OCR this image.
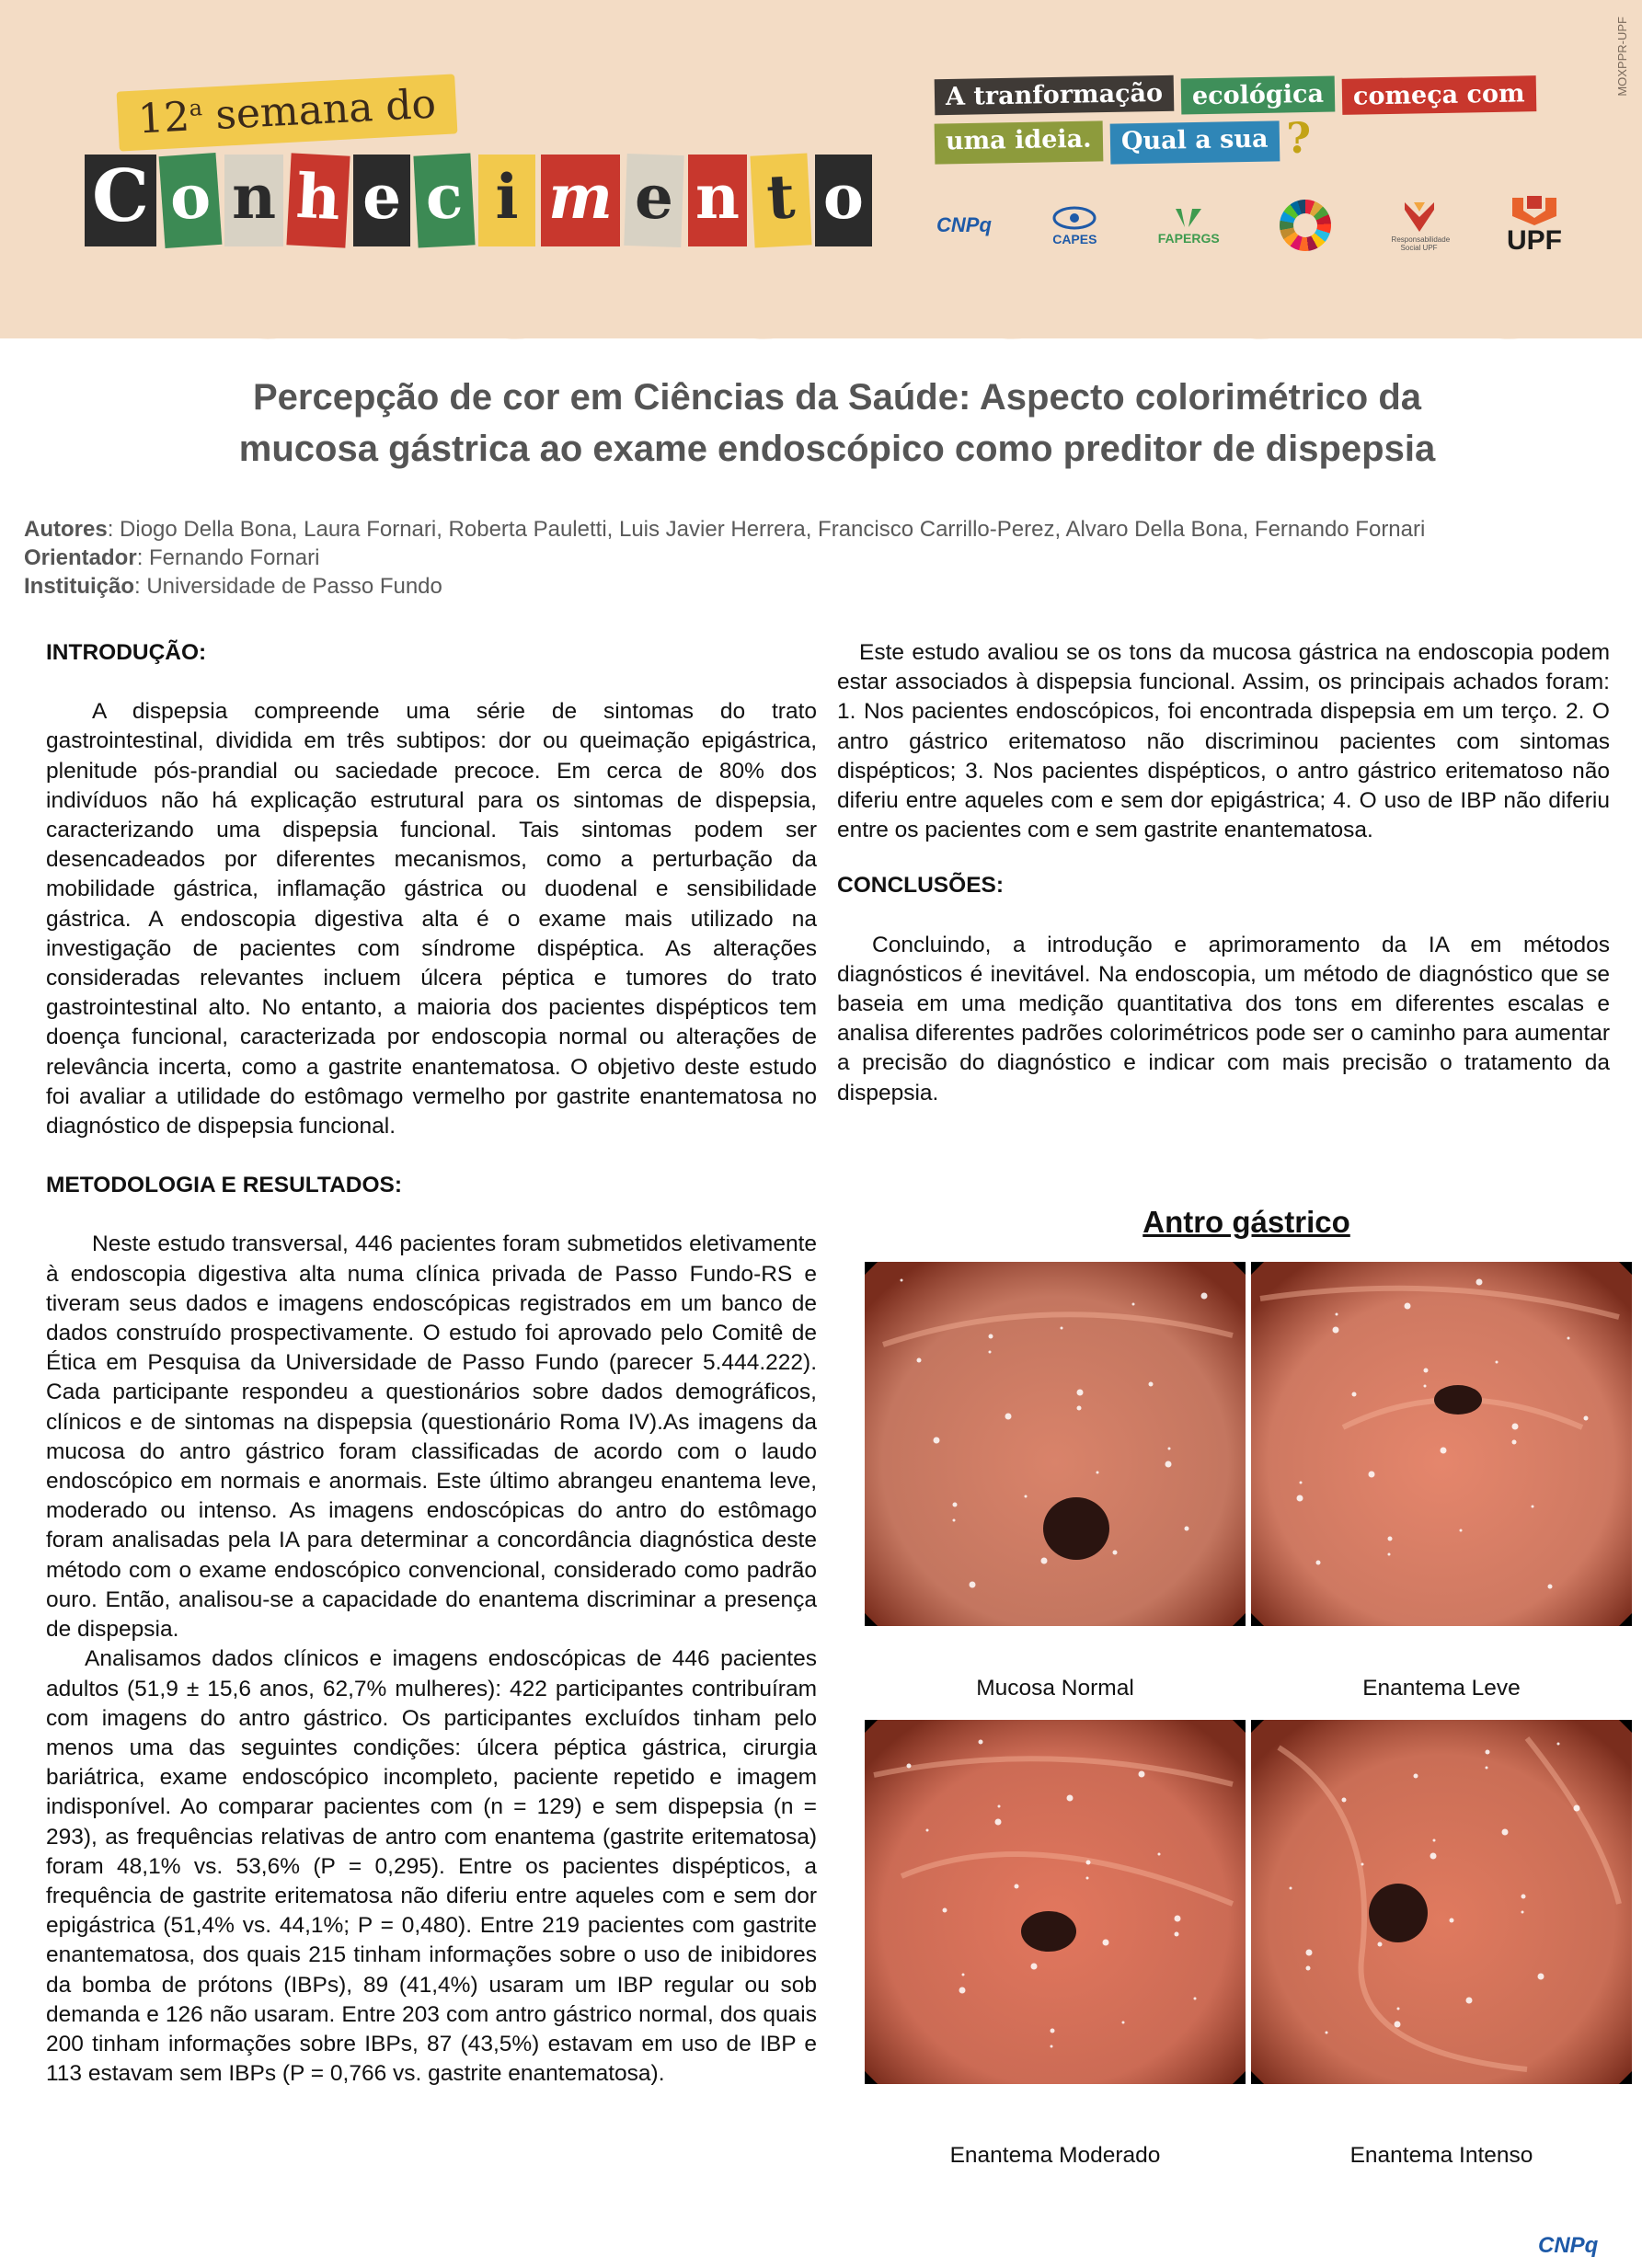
MOXPPR-UPF
12$^a$ semana do
C o n h e c i m e n t o
A tranformação	ecológica	começa com
uma ideia.	Qual a sua ?
CNPq
CAPES	FAPERGS	Responsabilidade Social UPF	UPF
Percepção de cor em Ciências da Saúde: Aspecto colorimétrico da
mucosa gástrica ao exame endoscópico como preditor de dispepsia
Autores: Diogo Della Bona, Laura Fornari, Roberta Pauletti, Luis Javier Herrera, Francisco Carrillo-Perez, Alvaro Della Bona, Fernando Fornari
Orientador: Fernando Fornari
Instituição: Universidade de Passo Fundo
INTRODUÇÃO:
A dispepsia compreende uma série de sintomas do trato gastrointestinal, divididа em três subtipos: dor ou queimação epigástrica, plenitude pós-prandial ou saciedade precoce. Em cerca de 80% dos indivíduos não há explicação estrutural para os sintomas de dispepsia, caracterizando uma dispepsia funcional. Tais sintomas podem ser desencadeados por diferentes mecanismos, como a perturbação da mobilidade gástrica, inflamação gástrica ou duodenal e sensibilidade gástrica. A endoscopia digestiva alta é o exame mais utilizado na investigação de pacientes com síndrome dispéptica. As alterações consideradas relevantes incluem úlcera péptica e tumores do trato gastrointestinal alto. No entanto, a maioria dos pacientes dispépticos tem doença funcional, caracterizada por endoscopia normal ou alterações de relevância incerta, como a gastrite enantematosa. O objetivo deste estudo foi avaliar a utilidade do estômago vermelho por gastrite enantematosa no diagnóstico de dispepsia funcional.
METODOLOGIA E RESULTADOS:
Neste estudo transversal, 446 pacientes foram submetidos eletivamente à endoscopia digestiva alta numa clínica privada de Passo Fundo-RS e tiveram seus dados e imagens endoscópicas registrados em um banco de dados construído prospectivamente. O estudo foi aprovado pelo Comitê de Ética em Pesquisa da Universidade de Passo Fundo (parecer 5.444.222). Cada participante respondeu a questionários sobre dados demográficos, clínicos e de sintomas na dispepsia (questionário Roma IV).As imagens da mucosa do antro gástrico foram classificadas de acordo com o laudo endoscópico em normais e anormais. Este último abrangeu enantema leve, moderado ou intenso. As imagens endoscópicas do antro do estômago foram analisadas pela IA para determinar a concordância diagnóstica deste método com o exame endoscópico convencional, considerado como padrão ouro. Então, analisou-se a capacidade do enantema discriminar a presença de dispepsia.
Analisamos dados clínicos e imagens endoscópicas de 446 pacientes adultos (51,9 ± 15,6 anos, 62,7% mulheres): 422 participantes contribuíram com imagens do antro gástrico. Os participantes excluídos tinham pelo menos uma das seguintes condições: úlcera péptica gástrica, cirurgia bariátrica, exame endoscópico incompleto, paciente repetido e imagem indisponível. Ao comparar pacientes com (n = 129) e sem dispepsia (n = 293), as frequências relativas de antro com enantema (gastrite eritematosa) foram 48,1% vs. 53,6% (P = 0,295). Entre os pacientes dispépticos, a frequência de gastrite eritematosa não diferiu entre aqueles com e sem dor epigástrica (51,4% vs. 44,1%; P = 0,480). Entre 219 pacientes com gastrite enantematosa, dos quais 215 tinham informações sobre o uso de inibidores da bomba de prótons (IBPs), 89 (41,4%) usaram um IBP regular ou sob demanda e 126 não usaram. Entre 203 com antro gástrico normal, dos quais 200 tinham informações sobre IBPs, 87 (43,5%) estavam em uso de IBP e 113 estavam sem IBPs (P = 0,766 vs. gastrite enantematosa).
Este estudo avaliou se os tons da mucosa gástrica na endoscopia podem estar associados à dispepsia funcional. Assim, os principais achados foram: 1. Nos pacientes endoscópicos, foi encontrada dispepsia em um terço. 2. O antro gástrico eritematoso não discriminou pacientes com sintomas dispépticos; 3. Nos pacientes dispépticos, o antro gástrico eritematoso não diferiu entre aqueles com e sem dor epigástrica; 4. O uso de IBP não diferiu entre os pacientes com e sem gastrite enantematosa.
CONCLUSÕES:
Concluindo, a introdução e aprimoramento da IA em métodos diagnósticos é inevitável. Na endoscopia, um método de diagnóstico que se baseia em uma medição quantitativa dos tons em diferentes escalas e analisa diferentes padrões colorimétricos pode ser o caminho para aumentar a precisão do diagnóstico e indicar com mais precisão o tratamento da dispepsia.
Antro gástrico
Mucosa Normal	Enantema Leve
Enantema Moderado	Enantema Intenso
CNPq
